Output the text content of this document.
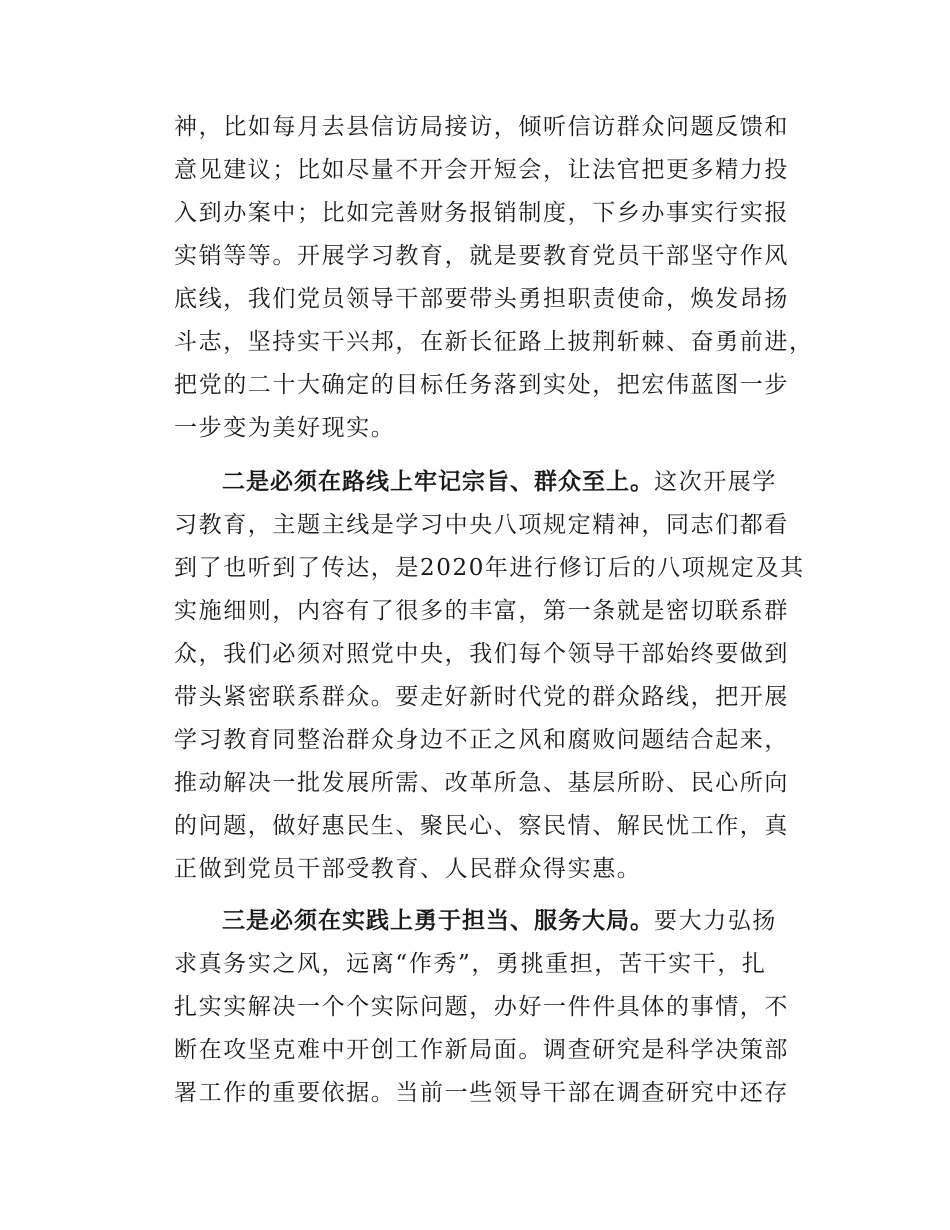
神，比如每月去县信访局接访，倾听信访群众问题反馈和
意见建议；比如尽量不开会开短会，让法官把更多精力投
入到办案中；比如完善财务报销制度，下乡办事实行实报
实销等等。开展学习教育，就是要教育党员干部坚守作风
底线，我们党员领导干部要带头勇担职责使命，焕发昂扬
斗志，坚持实干兴邦，在新长征路上披荆斩棘、奋勇前进，
把党的二十大确定的目标任务落到实处，把宏伟蓝图一步
一步变为美好现实。
二是必须在路线上牢记宗旨、群众至上。这次开展学
习教育，主题主线是学习中央八项规定精神，同志们都看
到了也听到了传达，是2020年进行修订后的八项规定及其
实施细则，内容有了很多的丰富，第一条就是密切联系群
众，我们必须对照党中央，我们每个领导干部始终要做到
带头紧密联系群众。要走好新时代党的群众路线，把开展
学习教育同整治群众身边不正之风和腐败问题结合起来，
推动解决一批发展所需、改革所急、基层所盼、民心所向
的问题，做好惠民生、聚民心、察民情、解民忧工作，真
正做到党员干部受教育、人民群众得实惠。
三是必须在实践上勇于担当、服务大局。要大力弘扬
求真务实之风，远离“作秀”，勇挑重担，苦干实干，扎
扎实实解决一个个实际问题，办好一件件具体的事情，不
断在攻坚克难中开创工作新局面。调查研究是科学决策部
署工作的重要依据。当前一些领导干部在调查研究中还存
